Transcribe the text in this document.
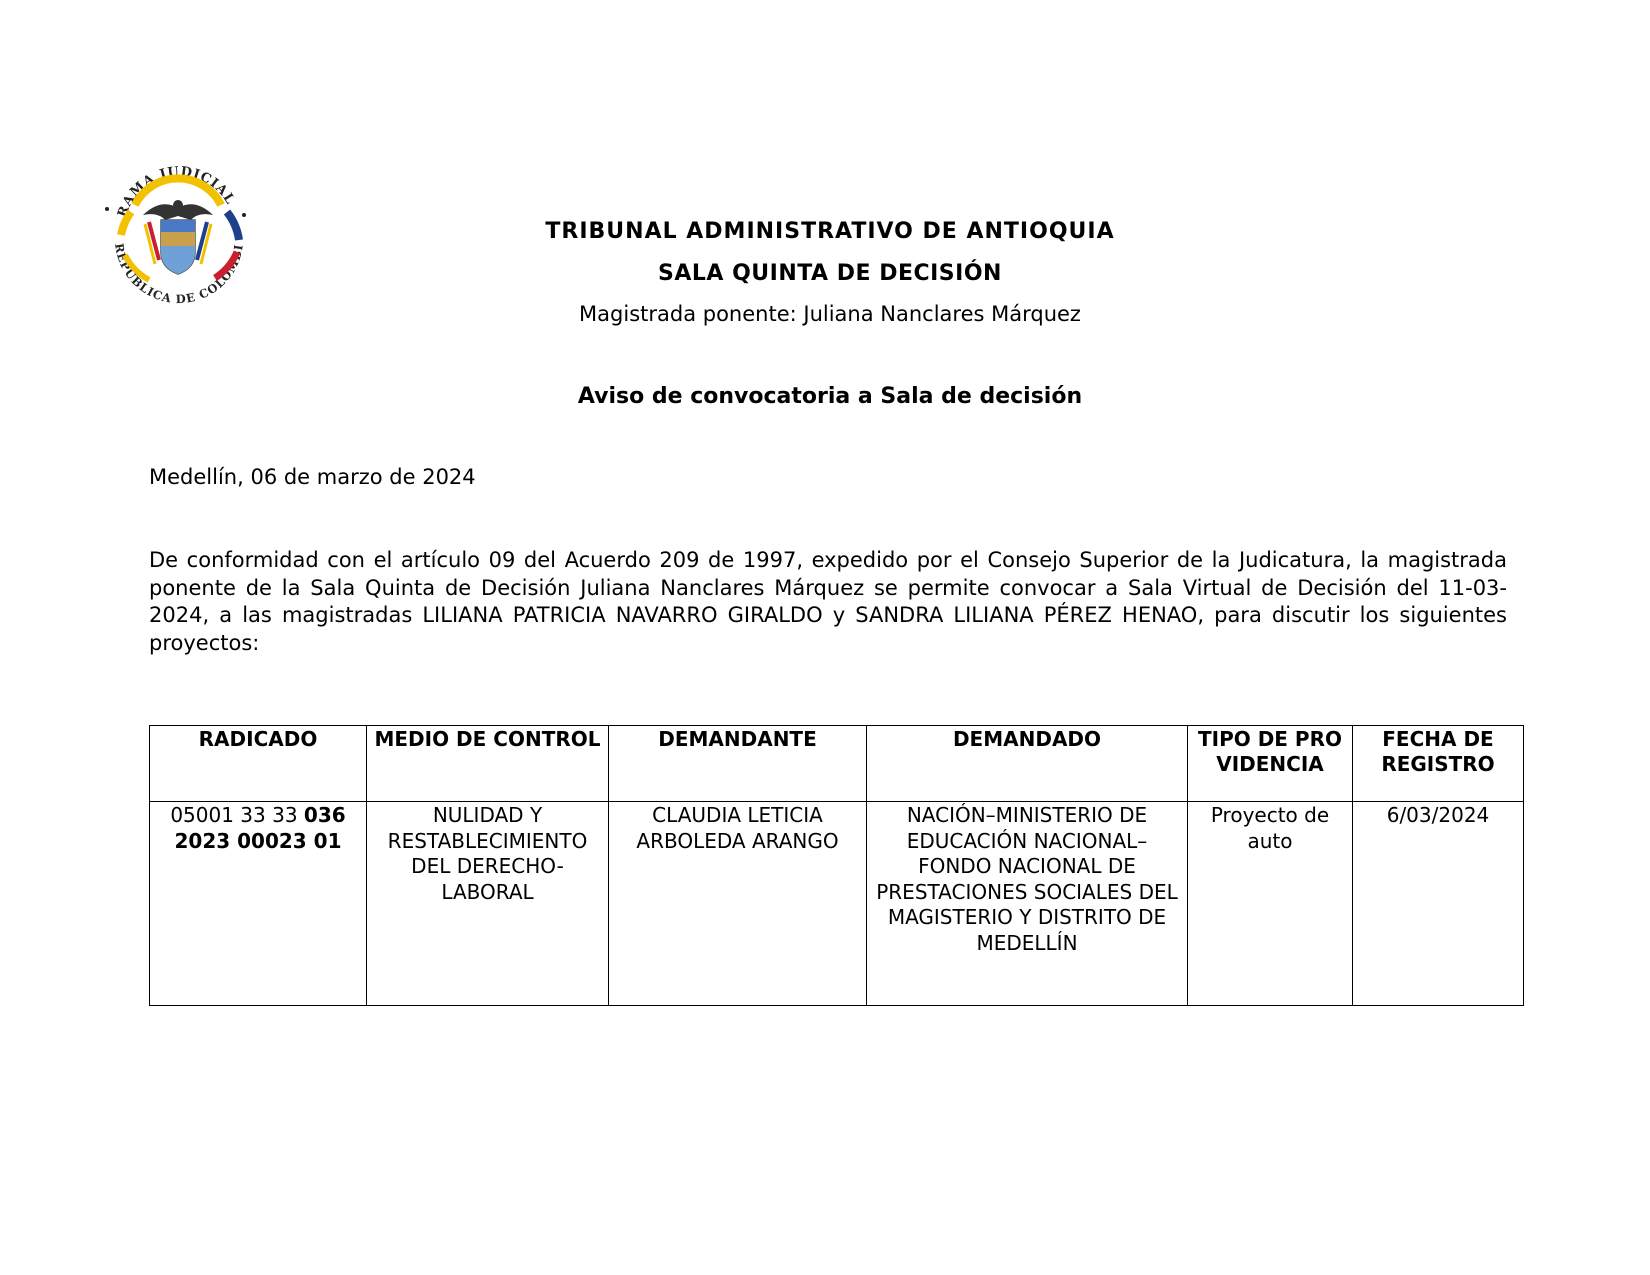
RAMA JUDICIAL
REPÚBLICA DE COLOMBI
TRIBUNAL ADMINISTRATIVO DE ANTIOQUIA
SALA QUINTA DE DECISIÓN
Magistrada ponente: Juliana Nanclares Márquez
Aviso de convocatoria a Sala de decisión
Medellín, 06 de marzo de 2024
De conformidad con el artículo 09 del Acuerdo 209 de 1997, expedido por el Consejo Superior de la Judicatura, la magistrada ponente de la Sala Quinta de Decisión Juliana Nanclares Márquez se permite convocar a Sala Virtual de Decisión del 11-03-2024, a las magistradas LILIANA PATRICIA NAVARRO GIRALDO y SANDRA LILIANA PÉREZ HENAO, para discutir los siguientes proyectos:
RADICADO	MEDIO DE CONTROL	DEMANDANTE	DEMANDADO	TIPO DE PROVIDENCIA	FECHA DE REGISTRO
05001 33 33 036 2023 00023 01	NULIDAD Y RESTABLECIMIENTO DEL DERECHO-LABORAL	CLAUDIA LETICIA ARBOLEDA ARANGO	NACIÓN–MINISTERIO DE EDUCACIÓN NACIONAL–FONDO NACIONAL DE PRESTACIONES SOCIALES DEL MAGISTERIO Y DISTRITO DE MEDELLÍN	Proyecto de auto	6/03/2024
